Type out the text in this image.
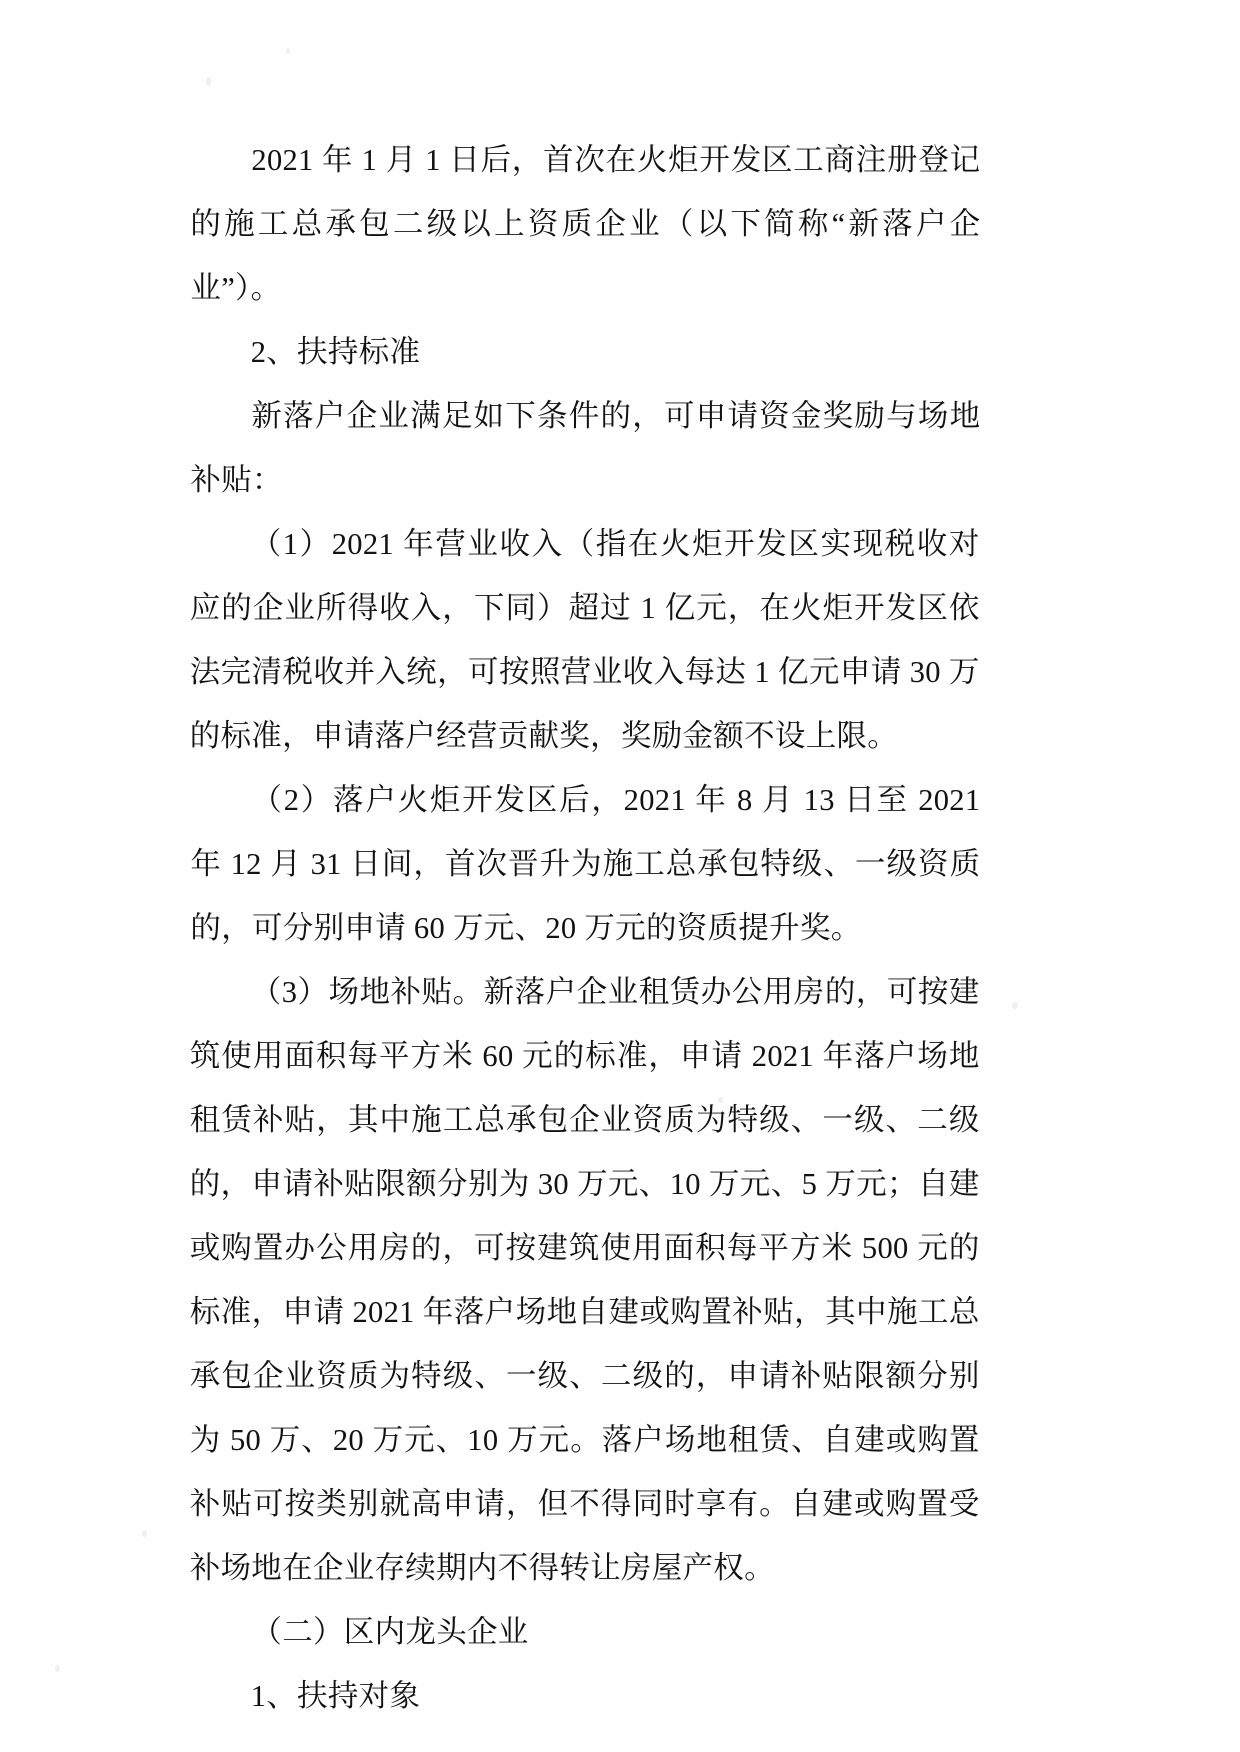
2021 年 1 月 1 日后，首次在火炬开发区工商注册登记的施工总承包二级以上资质企业（以下简称“新落户企业”）。

2、扶持标准

新落户企业满足如下条件的，可申请资金奖励与场地补贴：

（1）2021 年营业收入（指在火炬开发区实现税收对应的企业所得收入，下同）超过 1 亿元，在火炬开发区依法完清税收并入统，可按照营业收入每达 1 亿元申请 30 万的标准，申请落户经营贡献奖，奖励金额不设上限。

（2）落户火炬开发区后，2021 年 8 月 13 日至 2021 年 12 月 31 日间，首次晋升为施工总承包特级、一级资质的，可分别申请 60 万元、20 万元的资质提升奖。

（3）场地补贴。新落户企业租赁办公用房的，可按建筑使用面积每平方米 60 元的标准，申请 2021 年落户场地租赁补贴，其中施工总承包企业资质为特级、一级、二级的，申请补贴限额分别为 30 万元、10 万元、5 万元；自建或购置办公用房的，可按建筑使用面积每平方米 500 元的标准，申请 2021 年落户场地自建或购置补贴，其中施工总承包企业资质为特级、一级、二级的，申请补贴限额分别为 50 万、20 万元、10 万元。落户场地租赁、自建或购置补贴可按类别就高申请，但不得同时享有。自建或购置受补场地在企业存续期内不得转让房屋产权。

（二）区内龙头企业

1、扶持对象
